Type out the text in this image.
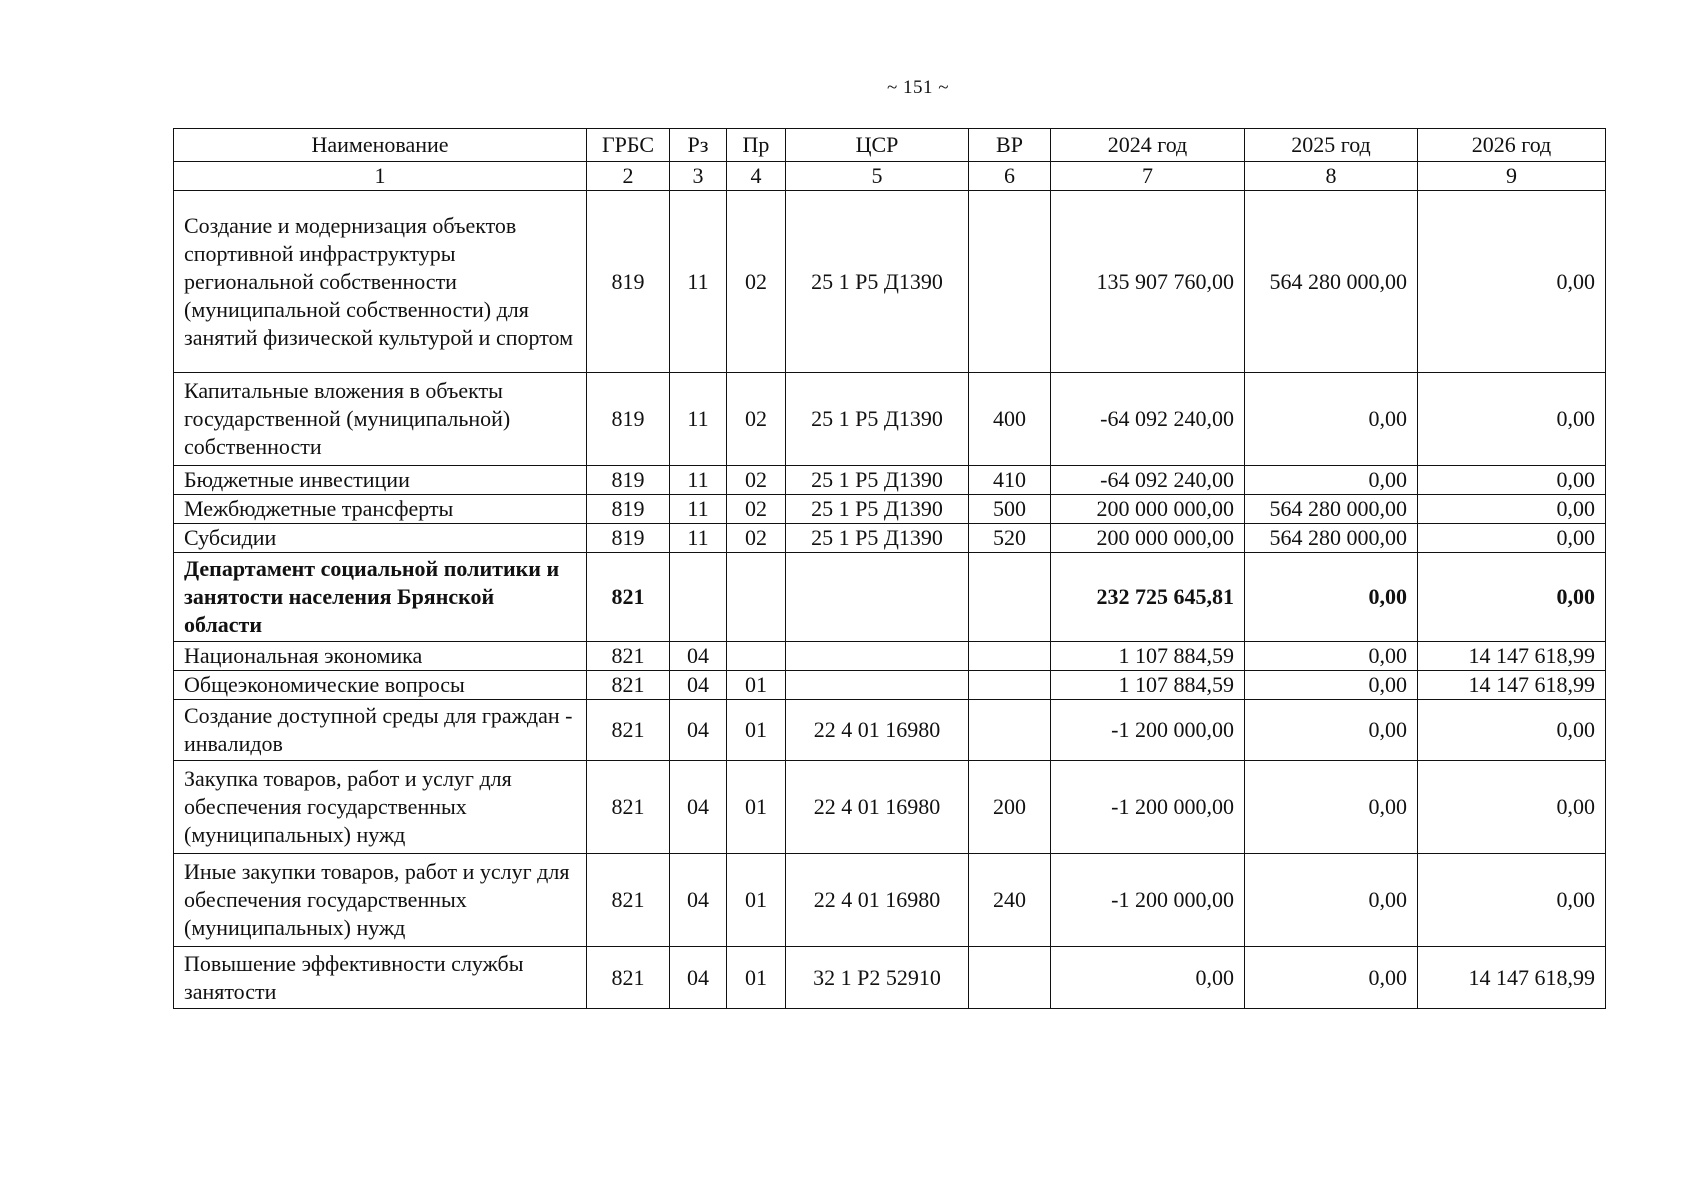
~ 151 ~
Наименование	ГРБС	Рз	Пр	ЦСР	ВР	2024 год	2025 год	2026 год
1	2	3	4	5	6	7	8	9
Создание и модернизация объектов спортивной инфраструктуры региональной собственности (муниципальной собственности) для занятий физической культурой и спортом	819	11	02	25 1 Р5 Д1390		135 907 760,00	564 280 000,00	0,00
Капитальные вложения в объекты государственной (муниципальной) собственности	819	11	02	25 1 Р5 Д1390	400	-64 092 240,00	0,00	0,00
Бюджетные инвестиции	819	11	02	25 1 Р5 Д1390	410	-64 092 240,00	0,00	0,00
Межбюджетные трансферты	819	11	02	25 1 Р5 Д1390	500	200 000 000,00	564 280 000,00	0,00
Субсидии	819	11	02	25 1 Р5 Д1390	520	200 000 000,00	564 280 000,00	0,00
Департамент социальной политики и занятости населения Брянской области	821					232 725 645,81	0,00	0,00
Национальная экономика	821	04				1 107 884,59	0,00	14 147 618,99
Общеэкономические вопросы	821	04	01			1 107 884,59	0,00	14 147 618,99
Создание доступной среды для граждан - инвалидов	821	04	01	22 4 01 16980		-1 200 000,00	0,00	0,00
Закупка товаров, работ и услуг для обеспечения государственных (муниципальных) нужд	821	04	01	22 4 01 16980	200	-1 200 000,00	0,00	0,00
Иные закупки товаров, работ и услуг для обеспечения государственных (муниципальных) нужд	821	04	01	22 4 01 16980	240	-1 200 000,00	0,00	0,00
Повышение эффективности службы занятости	821	04	01	32 1 Р2 52910		0,00	0,00	14 147 618,99
